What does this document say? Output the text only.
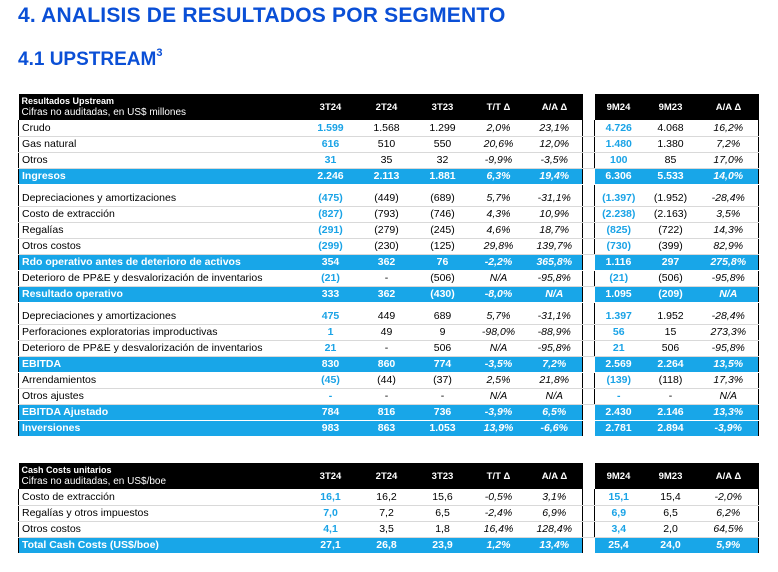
4. ANALISIS DE RESULTADOS POR SEGMENTO
4.1 UPSTREAM$^3$
Resultados Upstream	3T24	2T24	3T23	T/T Δ	A/A Δ		9M24	9M23	A/A Δ
Cifras no auditadas, en US$ millones									
Crudo	1.599	1.568	1.299	2,0%	23,1%		4.726	4.068	16,2%
Gas natural	616	510	550	20,6%	12,0%		1.480	1.380	7,2%
Otros	31	35	32	-9,9%	-3,5%		100	85	17,0%
Ingresos	2.246	2.113	1.881	6,3%	19,4%		6.306	5.533	14,0%

Depreciaciones y amortizaciones	(475)	(449)	(689)	5,7%	-31,1%		(1.397)	(1.952)	-28,4%
Costo de extracción	(827)	(793)	(746)	4,3%	10,9%		(2.238)	(2.163)	3,5%
Regalías	(291)	(279)	(245)	4,6%	18,7%		(825)	(722)	14,3%
Otros costos	(299)	(230)	(125)	29,8%	139,7%		(730)	(399)	82,9%
Rdo operativo antes de deterioro de activos	354	362	76	-2,2%	365,8%		1.116	297	275,8%
Deterioro de PP&E y desvalorización de inventarios	(21)	-	(506)	N/A	-95,8%		(21)	(506)	-95,8%
Resultado operativo	333	362	(430)	-8,0%	N/A		1.095	(209)	N/A

Depreciaciones y amortizaciones	475	449	689	5,7%	-31,1%		1.397	1.952	-28,4%
Perforaciones exploratorias improductivas	1	49	9	-98,0%	-88,9%		56	15	273,3%
Deterioro de PP&E y desvalorización de inventarios	21	-	506	N/A	-95,8%		21	506	-95,8%
EBITDA	830	860	774	-3,5%	7,2%		2.569	2.264	13,5%
Arrendamientos	(45)	(44)	(37)	2,5%	21,8%		(139)	(118)	17,3%
Otros ajustes	-	-	-	N/A	N/A		-	-	N/A
EBITDA Ajustado	784	816	736	-3,9%	6,5%		2.430	2.146	13,3%
Inversiones	983	863	1.053	13,9%	-6,6%		2.781	2.894	-3,9%
Cash Costs unitarios	3T24	2T24	3T23	T/T Δ	A/A Δ		9M24	9M23	A/A Δ
Cifras no auditadas, en US$/boe									
Costo de extracción	16,1	16,2	15,6	-0,5%	3,1%		15,1	15,4	-2,0%
Regalías y otros impuestos	7,0	7,2	6,5	-2,4%	6,9%		6,9	6,5	6,2%
Otros costos	4,1	3,5	1,8	16,4%	128,4%		3,4	2,0	64,5%
Total Cash Costs (US$/boe)	27,1	26,8	23,9	1,2%	13,4%		25,4	24,0	5,9%
